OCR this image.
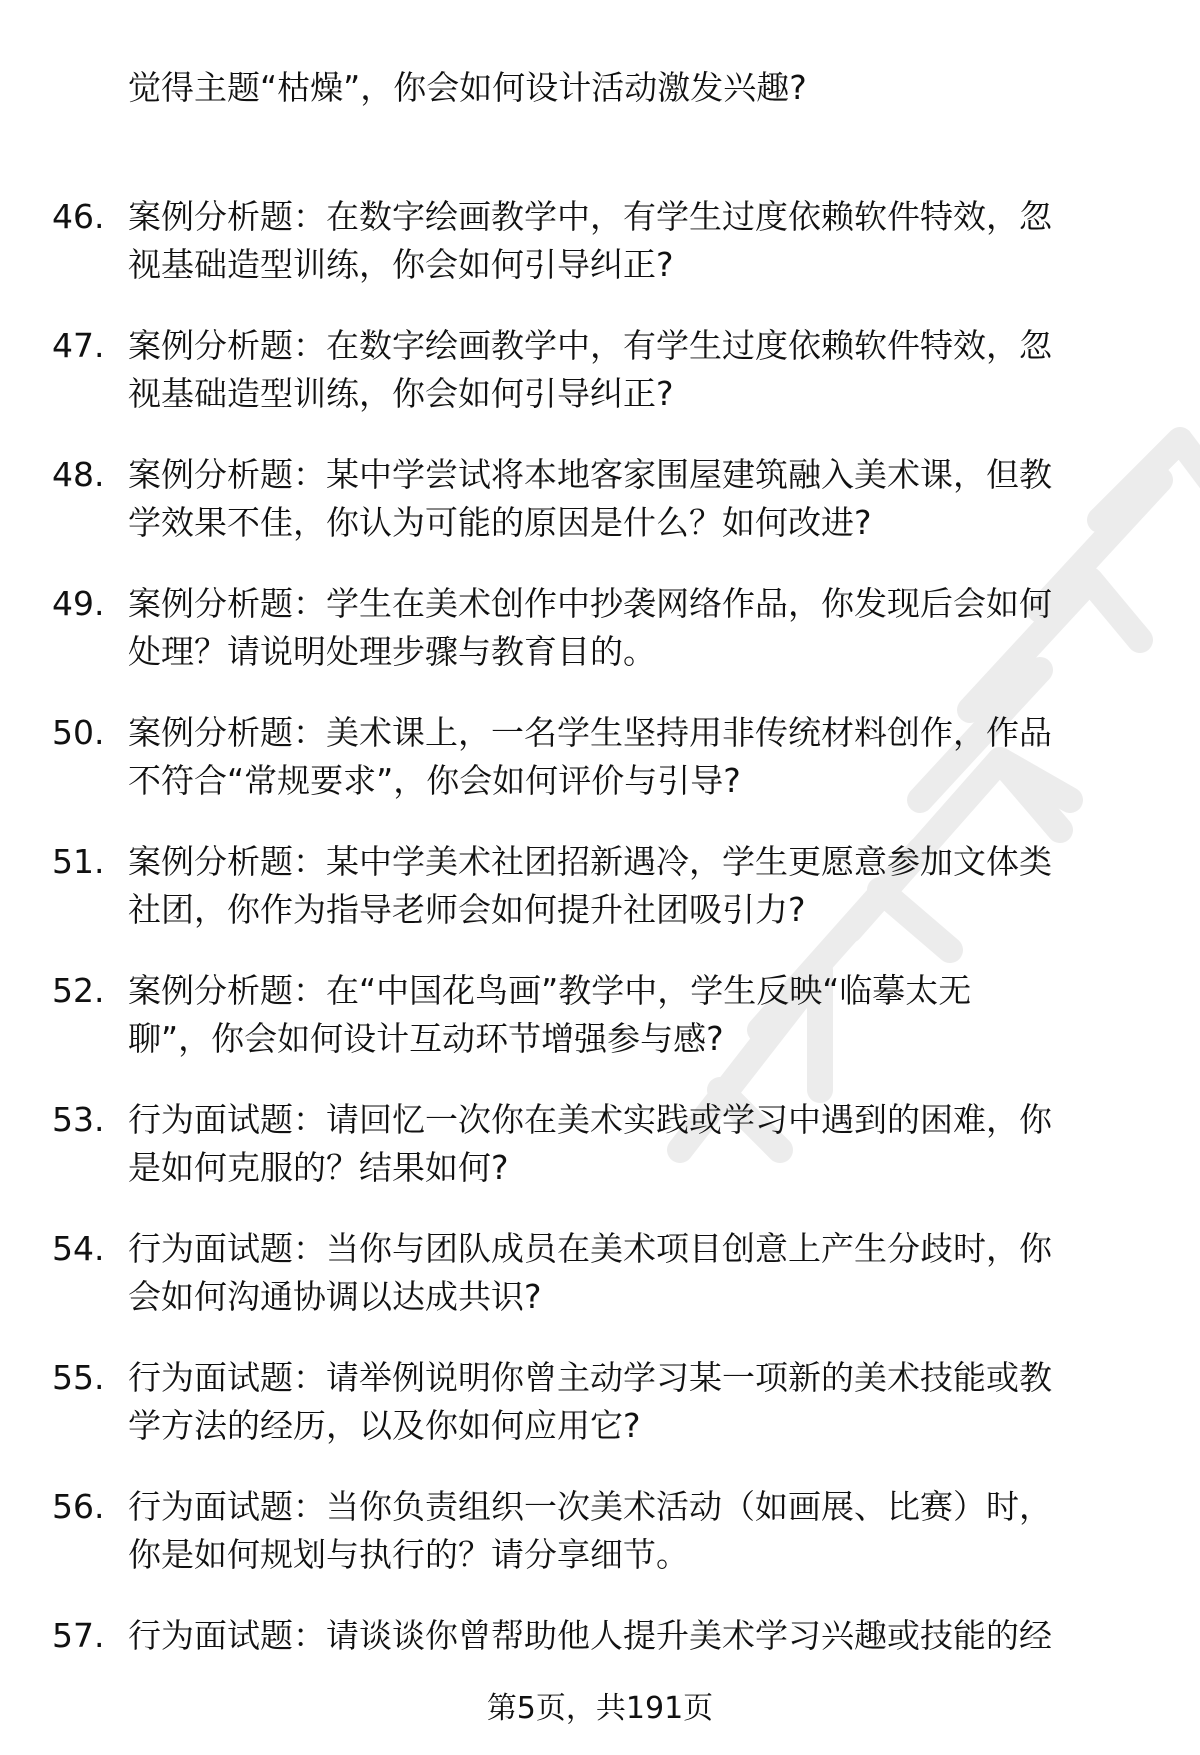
觉得主题“枯燥”，你会如何设计活动激发兴趣?
46. 案例分析题：在数字绘画教学中，有学生过度依赖软件特效，忽
视基础造型训练，你会如何引导纠正?
47. 案例分析题：在数字绘画教学中，有学生过度依赖软件特效，忽
视基础造型训练，你会如何引导纠正?
48. 案例分析题：某中学尝试将本地客家围屋建筑融入美术课，但教
学效果不佳，你认为可能的原因是什么？如何改进?
49. 案例分析题：学生在美术创作中抄袭网络作品，你发现后会如何
处理？请说明处理步骤与教育目的。
50. 案例分析题：美术课上，一名学生坚持用非传统材料创作，作品
不符合“常规要求”，你会如何评价与引导?
51. 案例分析题：某中学美术社团招新遇冷，学生更愿意参加文体类
社团，你作为指导老师会如何提升社团吸引力?
52. 案例分析题：在“中国花鸟画”教学中，学生反映“临摹太无
聊”，你会如何设计互动环节增强参与感?
53. 行为面试题：请回忆一次你在美术实践或学习中遇到的困难，你
是如何克服的？结果如何?
54. 行为面试题：当你与团队成员在美术项目创意上产生分歧时，你
会如何沟通协调以达成共识?
55. 行为面试题：请举例说明你曾主动学习某一项新的美术技能或教
学方法的经历，以及你如何应用它?
56. 行为面试题：当你负责组织一次美术活动（如画展、比赛）时，
你是如何规划与执行的？请分享细节。
57. 行为面试题：请谈谈你曾帮助他人提升美术学习兴趣或技能的经
第5页，共191页
